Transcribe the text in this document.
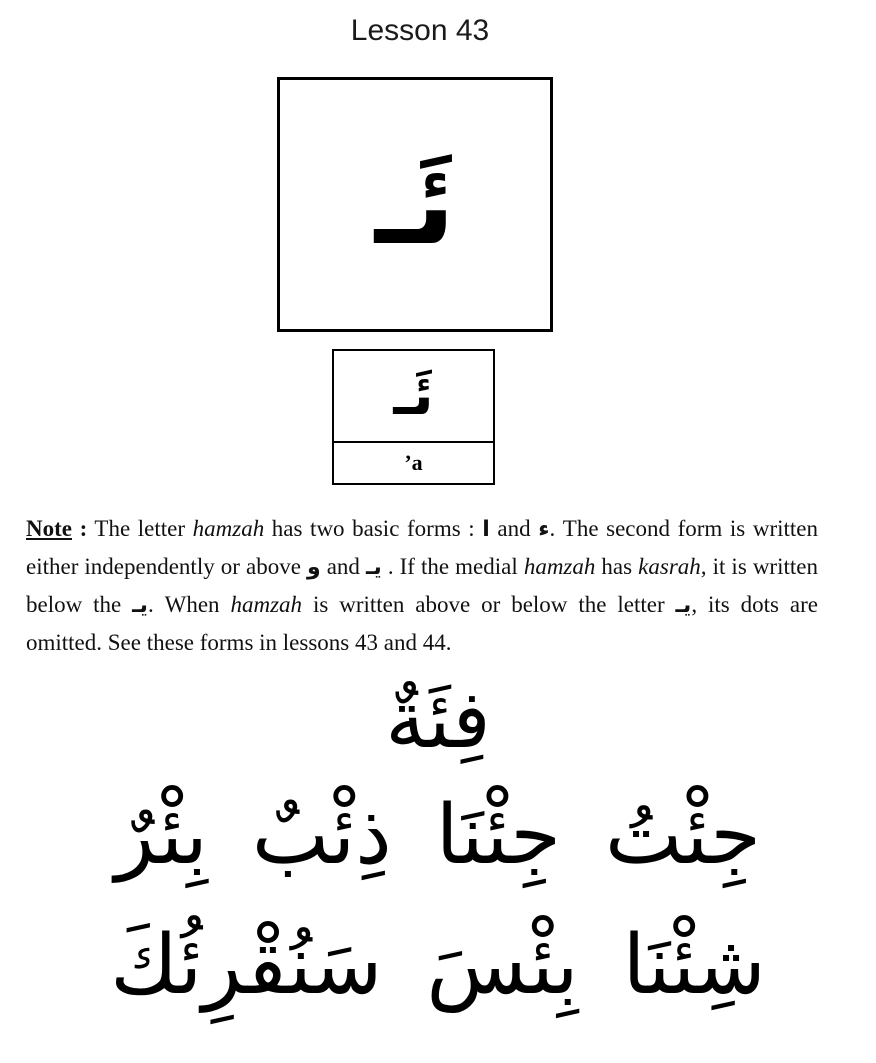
Lesson 43
ئَـ
ئَـ
’a
Note : The letter hamzah has two basic forms : ا and ء. The second form is written either independently or above و and يـ . If the medial hamzah has kasrah, it is written below the يـ. When hamzah is written above or below the letter يـ, its dots are omitted. See these forms in lessons 43 and 44.
فِئَةٌ
جِئْتُ جِئْنَا ذِئْبٌ بِئْرٌ
شِئْنَا بِئْسَ سَنُقْرِئُكَ
